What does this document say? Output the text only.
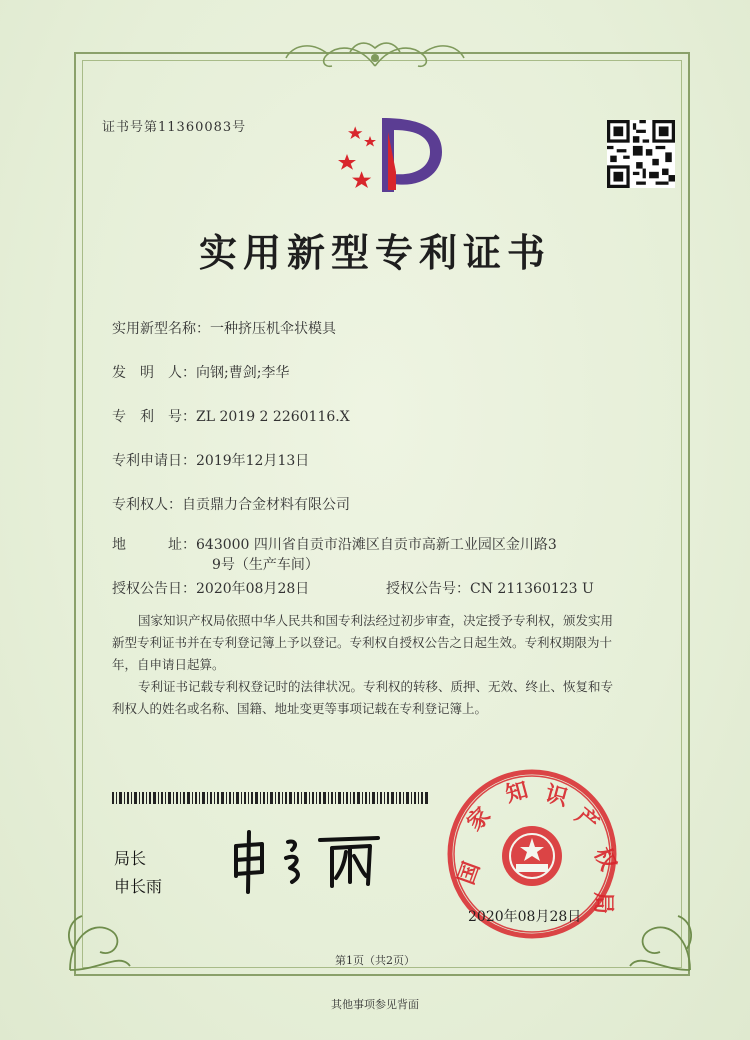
证书号第11360083号
实用新型专利证书
实用新型名称：一种挤压机伞状模具
发　明　人：向钢;曹剑;李华
专　利　号：ZL 2019 2 2260116.X
专利申请日：2019年12月13日
专利权人：自贡鼎力合金材料有限公司
地　　　址：643000 四川省自贡市沿滩区自贡市高新工业园区金川路3
9号（生产车间）
授权公告日：2020年08月28日	授权公告号：CN 211360123 U
国家知识产权局依照中华人民共和国专利法经过初步审查，决定授予专利权，颁发实用
新型专利证书并在专利登记簿上予以登记。专利权自授权公告之日起生效。专利权期限为十
年，自申请日起算。
专利证书记载专利权登记时的法律状况。专利权的转移、质押、无效、终止、恢复和专
利权人的姓名或名称、国籍、地址变更等事项记载在专利登记簿上。
局长
申长雨	国
家
知 识
产
权
局
2020年08月28日
第1页（共2页）
其他事项参见背面
